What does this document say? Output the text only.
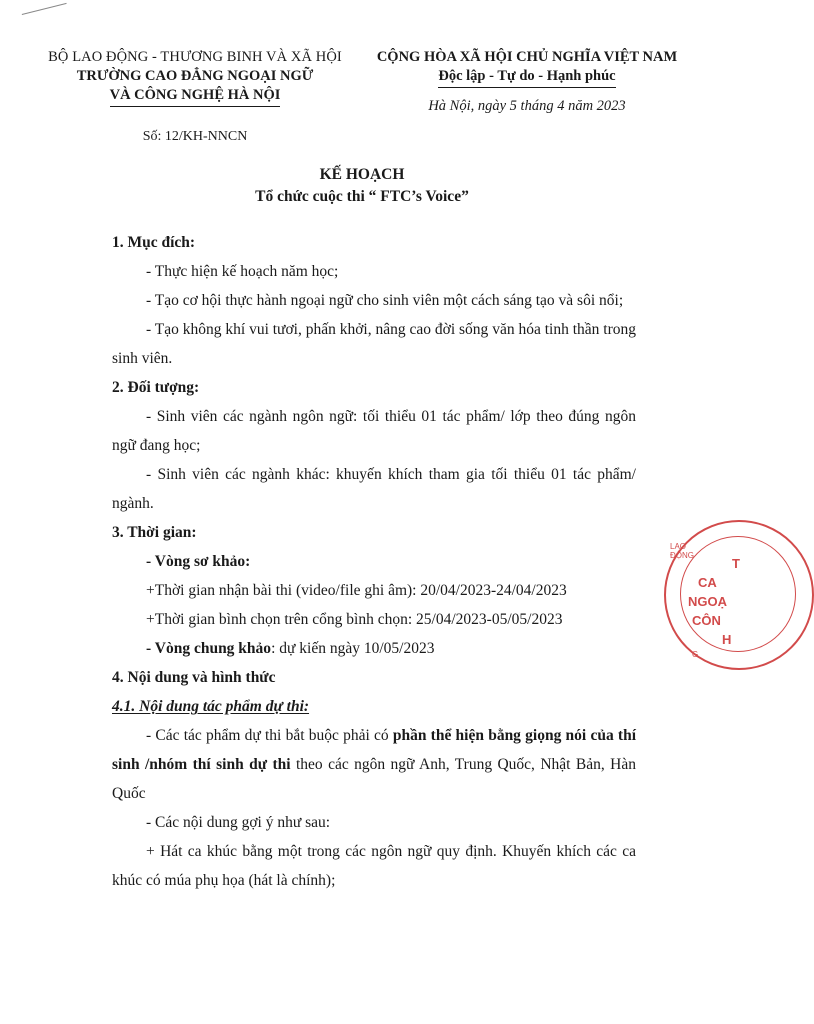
BỘ LAO ĐỘNG - THƯƠNG BINH VÀ XÃ HỘI
TRƯỜNG CAO ĐẲNG NGOẠI NGỮ
VÀ CÔNG NGHỆ HÀ NỘI
Số: 12/KH-NNCN
CỘNG HÒA XÃ HỘI CHỦ NGHĨA VIỆT NAM
Độc lập - Tự do - Hạnh phúc
Hà Nội, ngày 5 tháng 4 năm 2023
KẾ HOẠCH
Tổ chức cuộc thi “ FTC’s Voice”

1. Mục đích:

- Thực hiện kế hoạch năm học;

- Tạo cơ hội thực hành ngoại ngữ cho sinh viên một cách sáng tạo và sôi nổi;

- Tạo không khí vui tươi, phấn khởi, nâng cao đời sống văn hóa tinh thần trong sinh viên.

2. Đối tượng:

- Sinh viên các ngành ngôn ngữ: tối thiểu 01 tác phẩm/ lớp theo đúng ngôn ngữ đang học;

- Sinh viên các ngành khác: khuyến khích tham gia tối thiểu 01 tác phẩm/ ngành.

3. Thời gian:

- Vòng sơ khảo:

+Thời gian nhận bài thi (video/file ghi âm): 20/04/2023-24/04/2023

+Thời gian bình chọn trên cổng bình chọn: 25/04/2023-05/05/2023

- Vòng chung khảo: dự kiến ngày 10/05/2023

4. Nội dung và hình thức

4.1. Nội dung tác phẩm dự thi:

- Các tác phẩm dự thi bắt buộc phải có phần thể hiện bằng giọng nói của thí sinh /nhóm thí sinh dự thi theo các ngôn ngữ Anh, Trung Quốc, Nhật Bản, Hàn Quốc

- Các nội dung gợi ý như sau:

+ Hát ca khúc bằng một trong các ngôn ngữ quy định. Khuyến khích các ca khúc có múa phụ họa (hát là chính);

LAO
ĐỘNG
T
CA
NGOẠ
CÔN
H
G
